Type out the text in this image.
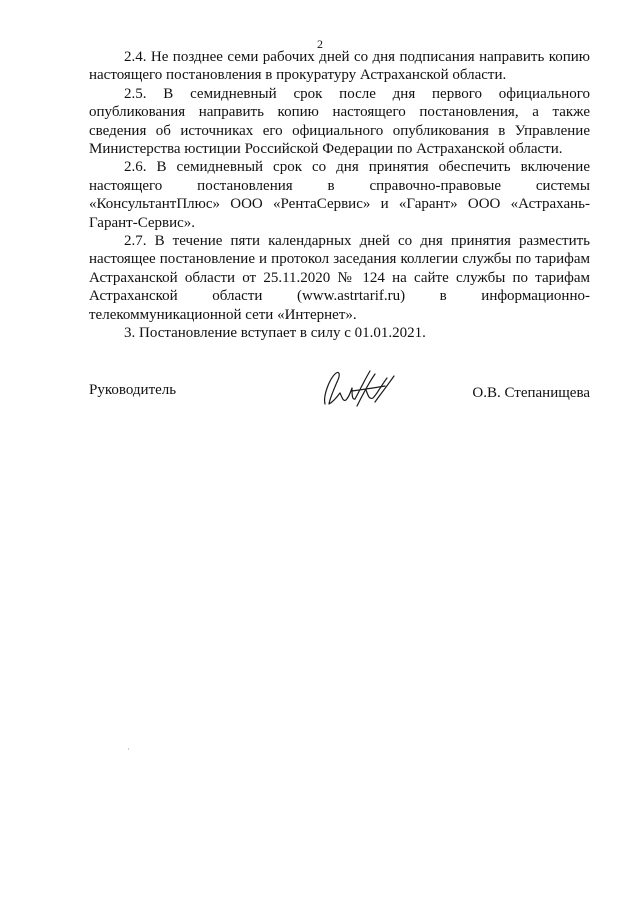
2

2.4. Не позднее семи рабочих дней со дня подписания направить копию настоящего постановления в прокуратуру Астраханской области.

2.5. В семидневный срок после дня первого официального опубликования направить копию настоящего постановления, а также сведения об источниках его официального опубликования в Управление Министерства юстиции Российской Федерации по Астраханской области.

2.6. В семидневный срок со дня принятия обеспечить включение настоящего постановления в справочно-правовые системы «КонсультантПлюс» ООО «РентаСервис» и «Гарант» ООО «Астрахань-Гарант-Сервис».

2.7. В течение пяти календарных дней со дня принятия разместить настоящее постановление и протокол заседания коллегии службы по тарифам Астраханской области от 25.11.2020 № 124 на сайте службы по тарифам Астраханской области (www.astrtarif.ru) в информационно-телекоммуникационной сети «Интернет».

3. Постановление вступает в силу с 01.01.2021.

Руководитель	О.В. Степанищева
